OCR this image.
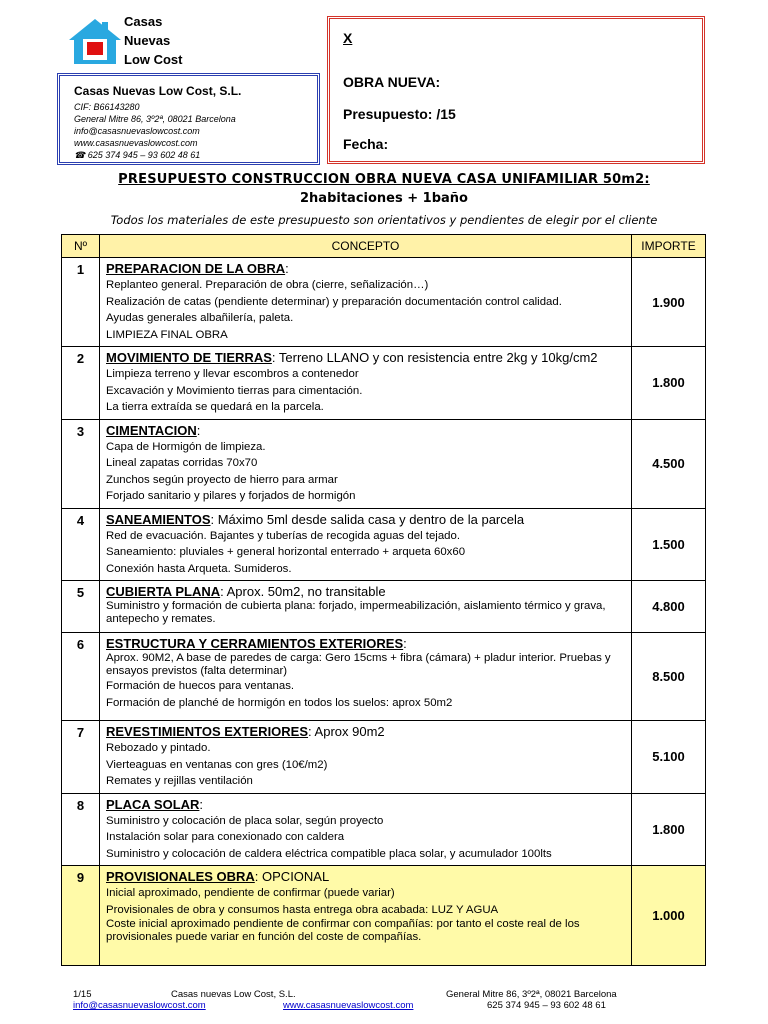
Casas
Nuevas
Low Cost
Casas Nuevas Low Cost, S.L.
CIF: B66143280
General Mitre 86, 3º2ª, 08021 Barcelona
info@casasnuevaslowcost.com
www.casasnuevaslowcost.com
☎ 625 374 945 – 93 602 48 61
X
OBRA NUEVA:
Presupuesto: /15
Fecha:
PRESUPUESTO CONSTRUCCION OBRA NUEVA CASA UNIFAMILIAR 50m2:
2habitaciones + 1baño
Todos los materiales de este presupuesto son orientativos y pendientes de elegir por el cliente
Nº	CONCEPTO	IMPORTE
1	PREPARACION DE LA OBRA:
Replanteo general. Preparación de obra (cierre, señalización…)
Realización de catas (pendiente determinar) y preparación documentación control calidad.
Ayudas generales albañilería, paleta.
LIMPIEZA FINAL OBRA	1.900
2	MOVIMIENTO DE TIERRAS: Terreno LLANO y con resistencia entre 2kg y 10kg/cm2
Limpieza terreno y llevar escombros a contenedor
Excavación y Movimiento tierras para cimentación.
La tierra extraída se quedará en la parcela.	1.800
3	CIMENTACION:
Capa de Hormigón de limpieza.
Lineal zapatas corridas 70x70
Zunchos según proyecto de hierro para armar
Forjado sanitario y pilares y forjados de hormigón	4.500
4	SANEAMIENTOS: Máximo 5ml desde salida casa y dentro de la parcela
Red de evacuación. Bajantes y tuberías de recogida aguas del tejado.
Saneamiento: pluviales + general horizontal enterrado + arqueta 60x60
Conexión hasta Arqueta. Sumideros.	1.500
5	CUBIERTA PLANA: Aprox. 50m2, no transitable
Suministro y formación de cubierta plana: forjado, impermeabilización, aislamiento térmico y grava, antepecho y remates.	4.800
6	ESTRUCTURA Y CERRAMIENTOS EXTERIORES:
Aprox. 90M2, A base de paredes de carga: Gero 15cms + fibra (cámara) + pladur interior. Pruebas y ensayos previstos (falta determinar)
Formación de huecos para ventanas.
Formación de planché de hormigón en todos los suelos: aprox 50m2	8.500
7	REVESTIMIENTOS EXTERIORES: Aprox 90m2
Rebozado y pintado.
Vierteaguas en ventanas con gres (10€/m2)
Remates y rejillas ventilación	5.100
8	PLACA SOLAR:
Suministro y colocación de placa solar, según proyecto
Instalación solar para conexionado con caldera
Suministro y colocación de caldera eléctrica compatible placa solar, y acumulador 100lts	1.800
9	PROVISIONALES OBRA: OPCIONAL
Inicial aproximado, pendiente de confirmar (puede variar)
Provisionales de obra y consumos hasta entrega obra acabada: LUZ Y AGUA
Coste inicial aproximado pendiente de confirmar con compañías: por tanto el coste real de los provisionales puede variar en función del coste de compañías.	1.000
1/15	Casas nuevas Low Cost, S.L.	General Mitre 86, 3º2ª, 08021 Barcelona
info@casasnuevaslowcost.com	www.casasnuevaslowcost.com	625 374 945 – 93 602 48 61
